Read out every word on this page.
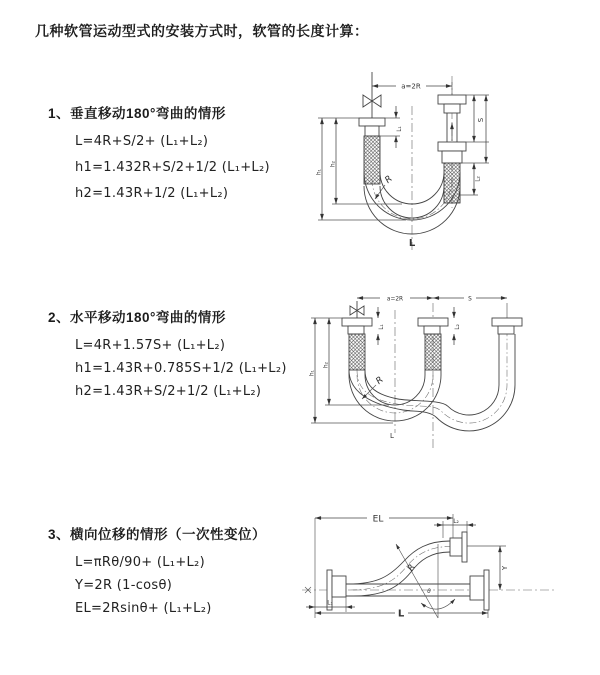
几种软管运动型式的安装方式时，软管的长度计算：
1、垂直移动180°弯曲的情形
L=4R+S/2+ (L₁+L₂)
h1=1.432R+S/2+1/2 (L₁+L₂)
h2=1.43R+1/2 (L₁+L₂)
2、水平移动180°弯曲的情形
L=4R+1.57S+ (L₁+L₂)
h1=1.43R+0.785S+1/2 (L₁+L₂)
h2=1.43R+S/2+1/2 (L₁+L₂)
3、横向位移的情形（一次性变位）
L=πRθ/90+ (L₁+L₂)
Y=2R (1-cosθ)
EL=2Rsinθ+ (L₁+L₂)
a=2R
L₁
S
L₂
h₁
h₂
R
L
a=2R	S
L₁	L₂
h₁
h₂
R
L
θ
R
EL	L₂
Y
L₁
L
